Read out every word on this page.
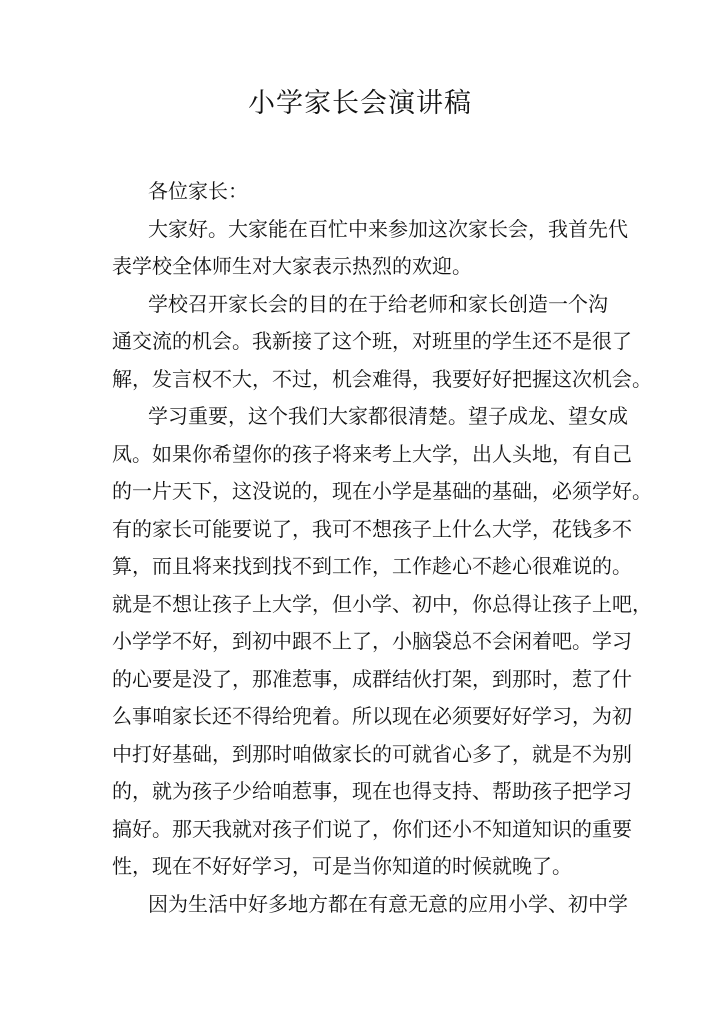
小学家长会演讲稿
各位家长：
大家好。大家能在百忙中来参加这次家长会，我首先代
表学校全体师生对大家表示热烈的欢迎。
学校召开家长会的目的在于给老师和家长创造一个沟
通交流的机会。我新接了这个班，对班里的学生还不是很了
解，发言权不大，不过，机会难得，我要好好把握这次机会。
学习重要，这个我们大家都很清楚。望子成龙、望女成
凤。如果你希望你的孩子将来考上大学，出人头地，有自己
的一片天下，这没说的，现在小学是基础的基础，必须学好。
有的家长可能要说了，我可不想孩子上什么大学，花钱多不
算，而且将来找到找不到工作，工作趁心不趁心很难说的。
就是不想让孩子上大学，但小学、初中，你总得让孩子上吧，
小学学不好，到初中跟不上了，小脑袋总不会闲着吧。学习
的心要是没了，那准惹事，成群结伙打架，到那时，惹了什
么事咱家长还不得给兜着。所以现在必须要好好学习，为初
中打好基础，到那时咱做家长的可就省心多了，就是不为别
的，就为孩子少给咱惹事，现在也得支持、帮助孩子把学习
搞好。那天我就对孩子们说了，你们还小不知道知识的重要
性，现在不好好学习，可是当你知道的时候就晚了。
因为生活中好多地方都在有意无意的应用小学、初中学
